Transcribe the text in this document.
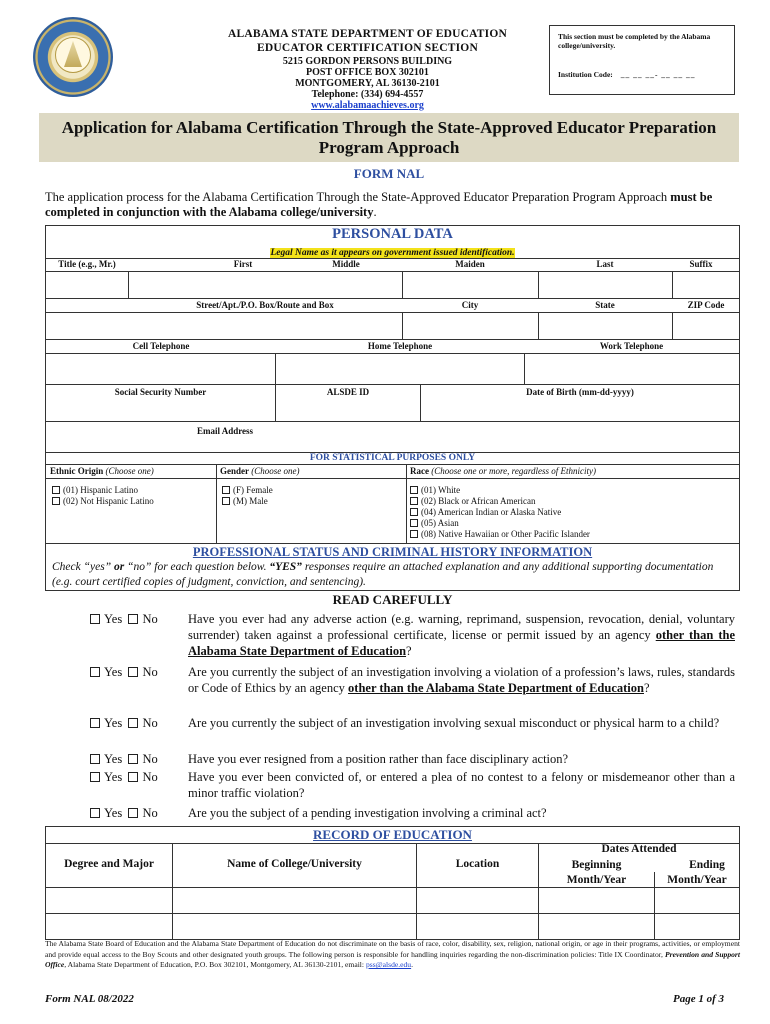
ALABAMA STATE DEPARTMENT OF EDUCATION
EDUCATOR CERTIFICATION SECTION
5215 GORDON PERSONS BUILDING
POST OFFICE BOX 302101
MONTGOMERY, AL 36130-2101
Telephone: (334) 694-4557
www.alabamaachieves.org
This section must be completed by the Alabama college/university.
Institution Code: __ __ __- __ __ __
Application for Alabama Certification Through the State-Approved Educator Preparation Program Approach
FORM NAL
The application process for the Alabama Certification Through the State-Approved Educator Preparation Program Approach must be completed in conjunction with the Alabama college/university.
PERSONAL DATA
Legal Name as it appears on government issued identification.
Title (e.g., Mr.)	First	Middle	Maiden	Last	Suffix
Street/Apt./P.O. Box/Route and Box	City	State	ZIP Code
Cell Telephone	Home Telephone	Work Telephone
Social Security Number	ALSDE ID	Date of Birth (mm-dd-yyyy)
Email Address
FOR STATISTICAL PURPOSES ONLY
Ethnic Origin (Choose one)	Gender (Choose one)	Race (Choose one or more, regardless of Ethnicity)
(01) Hispanic Latino
(02) Not Hispanic Latino
(F) Female
(M) Male
(01) White
(02) Black or African American
(04) American Indian or Alaska Native
(05) Asian
(08) Native Hawaiian or Other Pacific Islander
PROFESSIONAL STATUS AND CRIMINAL HISTORY INFORMATION
Check “yes” or “no” for each question below. “YES” responses require an attached explanation and any additional supporting documentation (e.g. court certified copies of judgment, conviction, and sentencing).
READ CAREFULLY
Yes No	Have you ever had any adverse action (e.g. warning, reprimand, suspension, revocation, denial, voluntary surrender) taken against a professional certificate, license or permit issued by an agency other than the Alabama State Department of Education?
Yes No	Are you currently the subject of an investigation involving a violation of a profession’s laws, rules, standards or Code of Ethics by an agency other than the Alabama State Department of Education?
Yes No	Are you currently the subject of an investigation involving sexual misconduct or physical harm to a child?
Yes No	Have you ever resigned from a position rather than face disciplinary action?
Yes No	Have you ever been convicted of, or entered a plea of no contest to a felony or misdemeanor other than a minor traffic violation?
Yes No	Are you the subject of a pending investigation involving a criminal act?
RECORD OF EDUCATION
Degree and Major	Name of College/University	Location
Dates Attended
Beginning
Month/Year
Ending
Month/Year
The Alabama State Board of Education and the Alabama State Department of Education do not discriminate on the basis of race, color, disability, sex, religion, national origin, or age in their programs, activities, or employment and provide equal access to the Boy Scouts and other designated youth groups. The following person is responsible for handling inquiries regarding the non-discrimination policies: Title IX Coordinator, Prevention and Support Office, Alabama State Department of Education, P.O. Box 302101, Montgomery, AL 36130-2101, email: pss@alsde.edu.
Form NAL 08/2022	Page 1 of 3
